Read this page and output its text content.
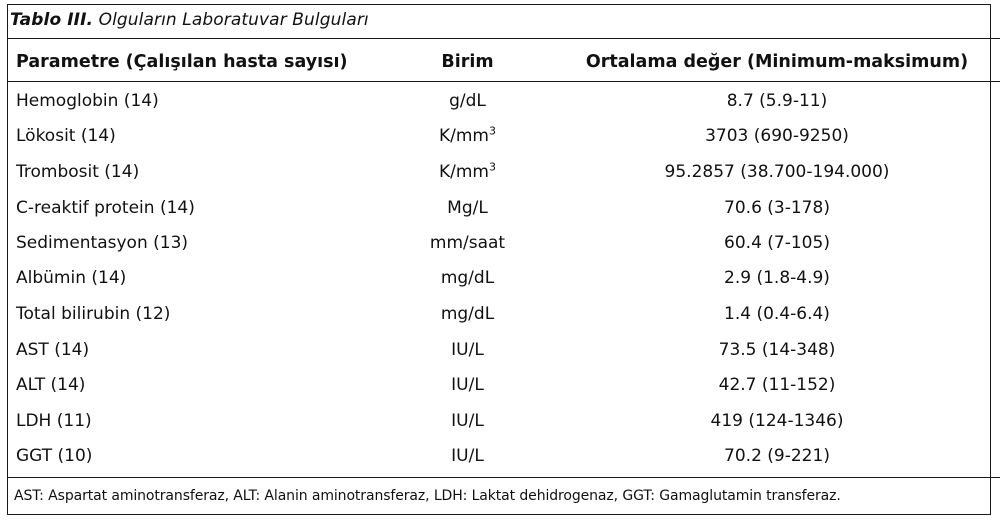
Tablo III. Olguların Laboratuvar Bulguları
Parametre (Çalışılan hasta sayısı)	Birim	Ortalama değer (Minimum-maksimum)
Hemoglobin (14)	g/dL	8.7 (5.9-11)
Lökosit (14)	$K/mm^3$	3703 (690-9250)
Trombosit (14)	$K/mm^3$	95.2857 (38.700-194.000)
C-reaktif protein (14)	Mg/L	70.6 (3-178)
Sedimentasyon (13)	mm/saat	60.4 (7-105)
Albümin (14)	mg/dL	2.9 (1.8-4.9)
Total bilirubin (12)	mg/dL	1.4 (0.4-6.4)
AST (14)	IU/L	73.5 (14-348)
ALT (14)	IU/L	42.7 (11-152)
LDH (11)	IU/L	419 (124-1346)
GGT (10)	IU/L	70.2 (9-221)
AST: Aspartat aminotransferaz, ALT: Alanin aminotransferaz, LDH: Laktat dehidrogenaz, GGT: Gamaglutamin transferaz.
